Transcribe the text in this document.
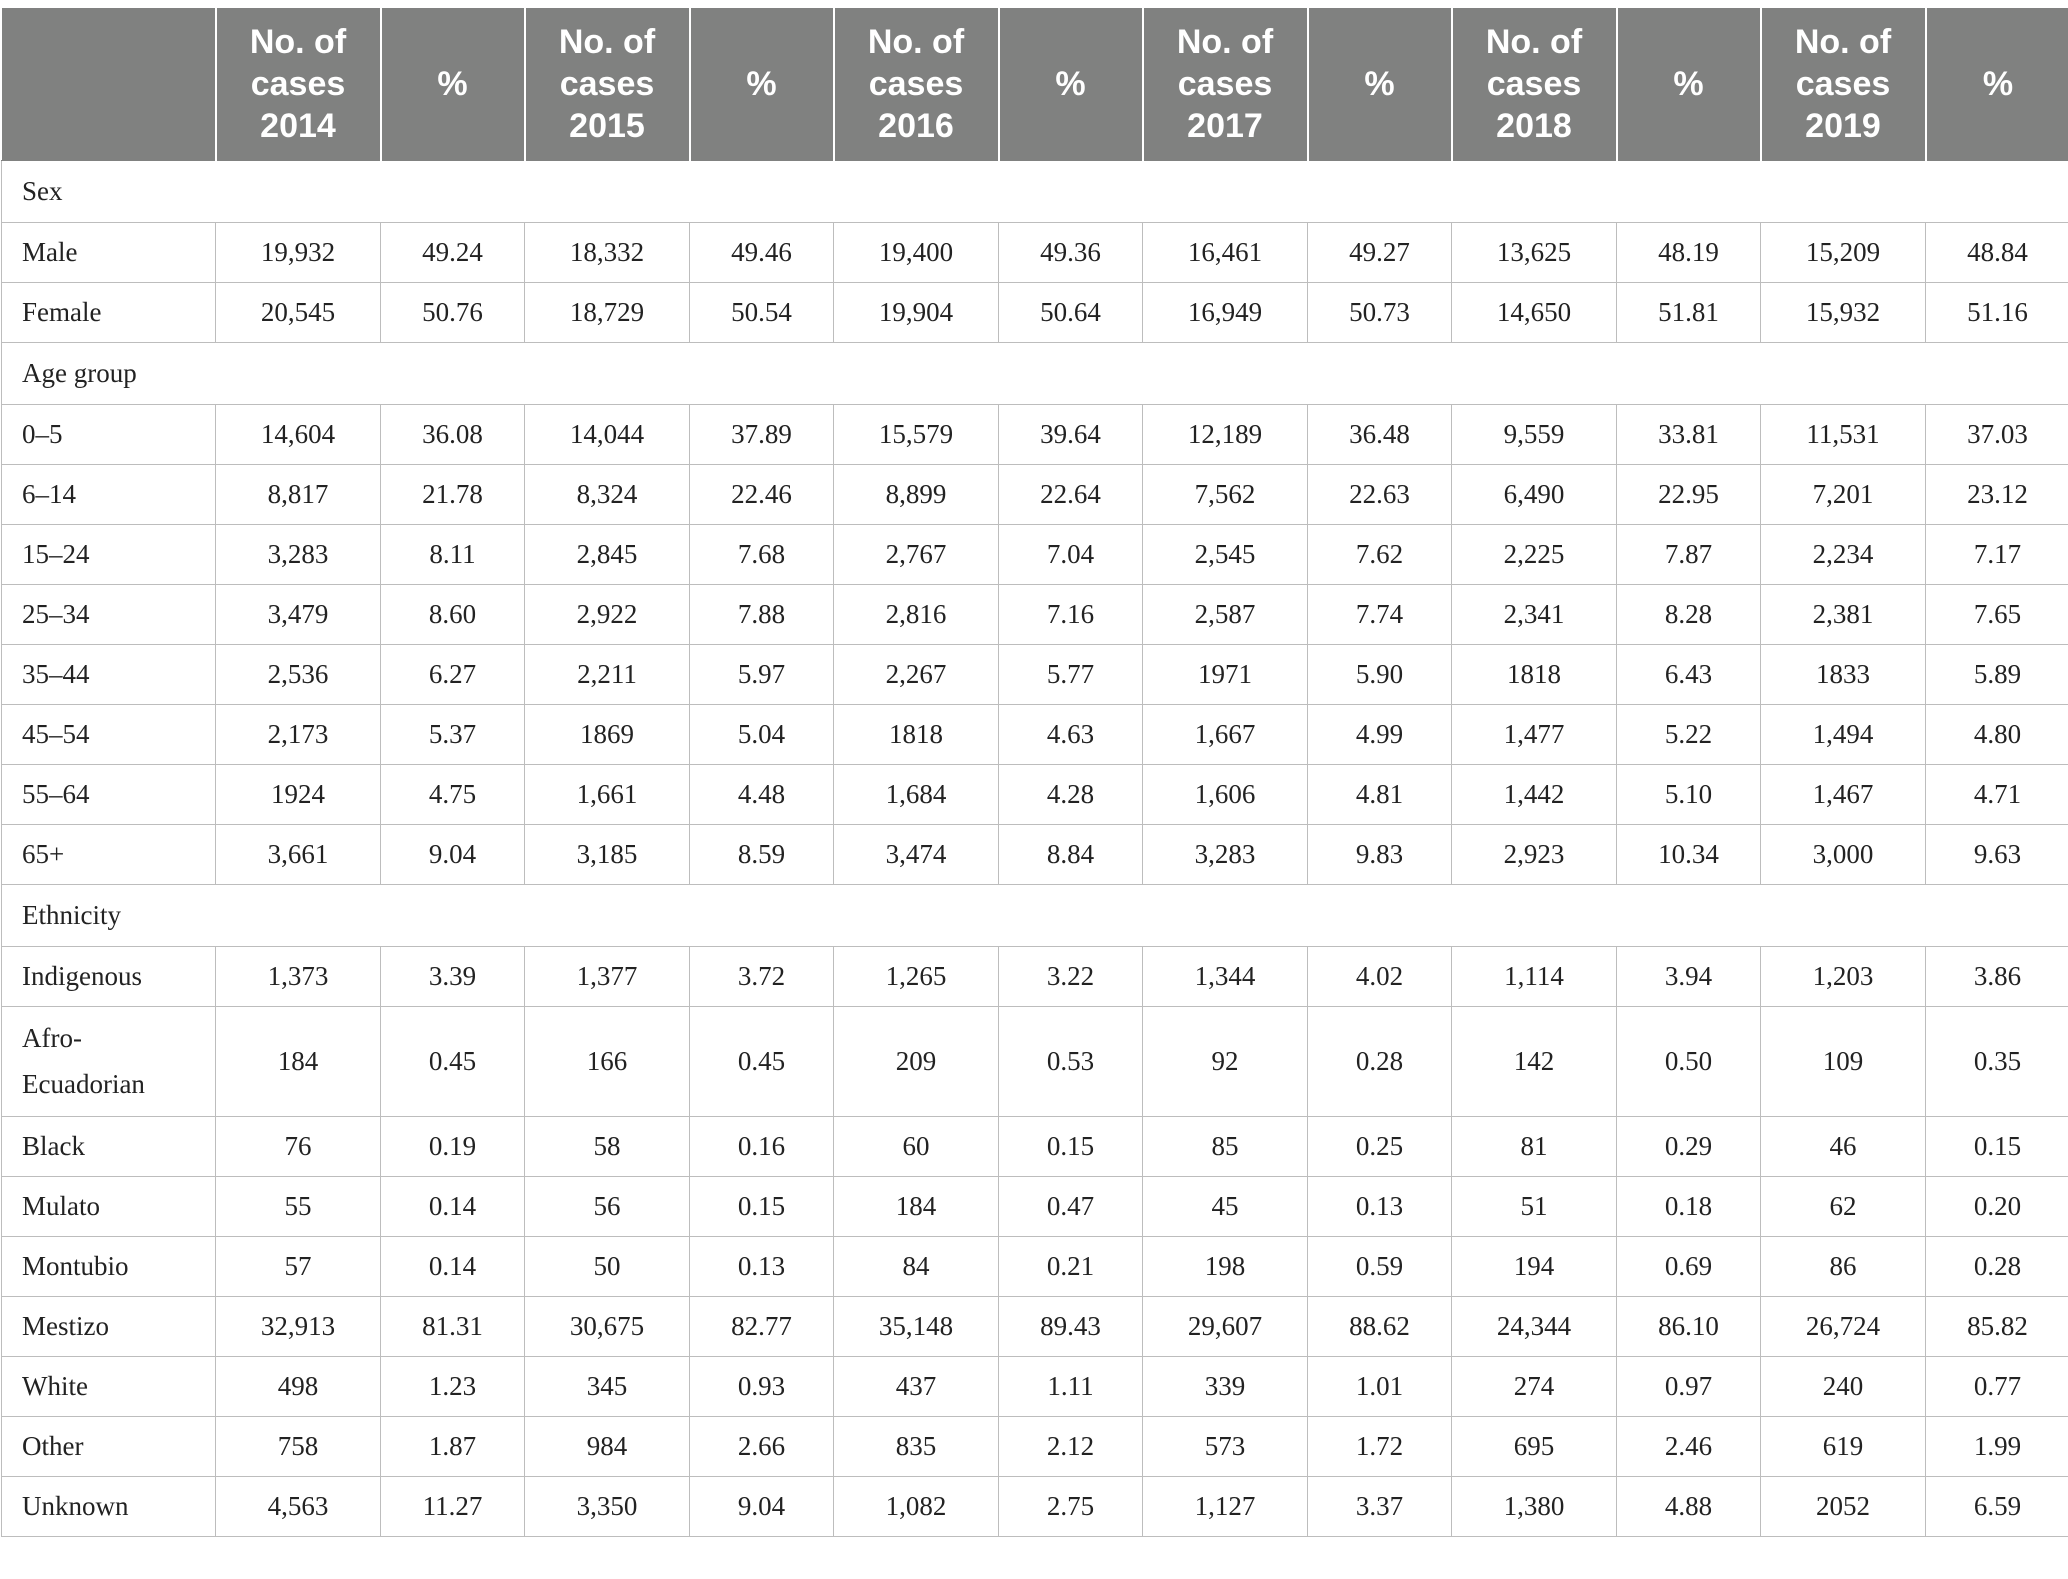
	No. of cases 2014	%	No. of cases 2015	%	No. of cases 2016	%	No. of cases 2017	%	No. of cases 2018	%	No. of cases 2019	%
Sex												
Male	19,932	49.24	18,332	49.46	19,400	49.36	16,461	49.27	13,625	48.19	15,209	48.84
Female	20,545	50.76	18,729	50.54	19,904	50.64	16,949	50.73	14,650	51.81	15,932	51.16
Age group												
0–5	14,604	36.08	14,044	37.89	15,579	39.64	12,189	36.48	9,559	33.81	11,531	37.03
6–14	8,817	21.78	8,324	22.46	8,899	22.64	7,562	22.63	6,490	22.95	7,201	23.12
15–24	3,283	8.11	2,845	7.68	2,767	7.04	2,545	7.62	2,225	7.87	2,234	7.17
25–34	3,479	8.60	2,922	7.88	2,816	7.16	2,587	7.74	2,341	8.28	2,381	7.65
35–44	2,536	6.27	2,211	5.97	2,267	5.77	1971	5.90	1818	6.43	1833	5.89
45–54	2,173	5.37	1869	5.04	1818	4.63	1,667	4.99	1,477	5.22	1,494	4.80
55–64	1924	4.75	1,661	4.48	1,684	4.28	1,606	4.81	1,442	5.10	1,467	4.71
65+	3,661	9.04	3,185	8.59	3,474	8.84	3,283	9.83	2,923	10.34	3,000	9.63
Ethnicity												
Indigenous	1,373	3.39	1,377	3.72	1,265	3.22	1,344	4.02	1,114	3.94	1,203	3.86
Afro-Ecuadorian	184	0.45	166	0.45	209	0.53	92	0.28	142	0.50	109	0.35
Black	76	0.19	58	0.16	60	0.15	85	0.25	81	0.29	46	0.15
Mulato	55	0.14	56	0.15	184	0.47	45	0.13	51	0.18	62	0.20
Montubio	57	0.14	50	0.13	84	0.21	198	0.59	194	0.69	86	0.28
Mestizo	32,913	81.31	30,675	82.77	35,148	89.43	29,607	88.62	24,344	86.10	26,724	85.82
White	498	1.23	345	0.93	437	1.11	339	1.01	274	0.97	240	0.77
Other	758	1.87	984	2.66	835	2.12	573	1.72	695	2.46	619	1.99
Unknown	4,563	11.27	3,350	9.04	1,082	2.75	1,127	3.37	1,380	4.88	2052	6.59
